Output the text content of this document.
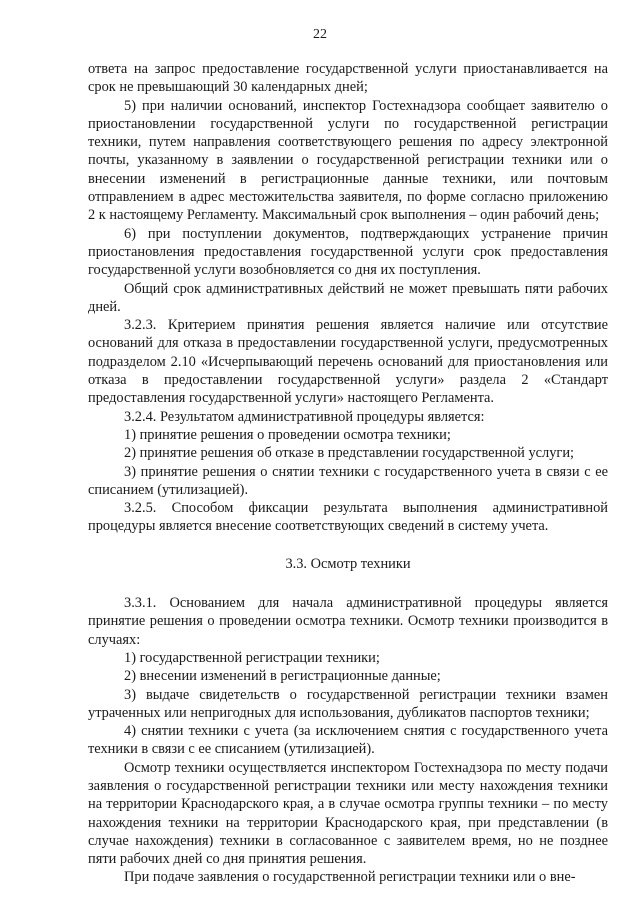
22

ответа на запрос предоставление государственной услуги приостанавливается на срок не превышающий 30 календарных дней;

5) при наличии оснований, инспектор Гостехнадзора сообщает заявителю о приостановлении государственной услуги по государственной регистрации техники, путем направления соответствующего решения по адресу электронной почты, указанному в заявлении о государственной регистрации техники или о внесении изменений в регистрационные данные техники, или почтовым отправлением в адрес местожительства заявителя, по форме согласно приложению 2 к настоящему Регламенту. Максимальный срок выполнения – один рабочий день;

6) при поступлении документов, подтверждающих устранение причин приостановления предоставления государственной услуги срок предоставления государственной услуги возобновляется со дня их поступления.

Общий срок административных действий не может превышать пяти рабочих дней.

3.2.3. Критерием принятия решения является наличие или отсутствие оснований для отказа в предоставлении государственной услуги, предусмотренных подразделом 2.10 «Исчерпывающий перечень оснований для приостановления или отказа в предоставлении государственной услуги» раздела 2 «Стандарт предоставления государственной услуги» настоящего Регламента.

3.2.4. Результатом административной процедуры является:

1) принятие решения о проведении осмотра техники;

2) принятие решения об отказе в представлении государственной услуги;

3) принятие решения о снятии техники с государственного учета в связи с ее списанием (утилизацией).

3.2.5. Способом фиксации результата выполнения административной процедуры является внесение соответствующих сведений в систему учета.

3.3. Осмотр техники

3.3.1. Основанием для начала административной процедуры является принятие решения о проведении осмотра техники. Осмотр техники производится в случаях:

1) государственной регистрации техники;

2) внесении изменений в регистрационные данные;

3) выдаче свидетельств о государственной регистрации техники взамен утраченных или непригодных для использования, дубликатов паспортов техники;

4) снятии техники с учета (за исключением снятия с государственного учета техники в связи с ее списанием (утилизацией).

Осмотр техники осуществляется инспектором Гостехнадзора по месту подачи заявления о государственной регистрации техники или месту нахождения техники на территории Краснодарского края, а в случае осмотра группы техники – по месту нахождения техники на территории Краснодарского края, при представлении (в случае нахождения) техники в согласованное с заявителем время, но не позднее пяти рабочих дней со дня принятия решения.

При подаче заявления о государственной регистрации техники или о вне-
